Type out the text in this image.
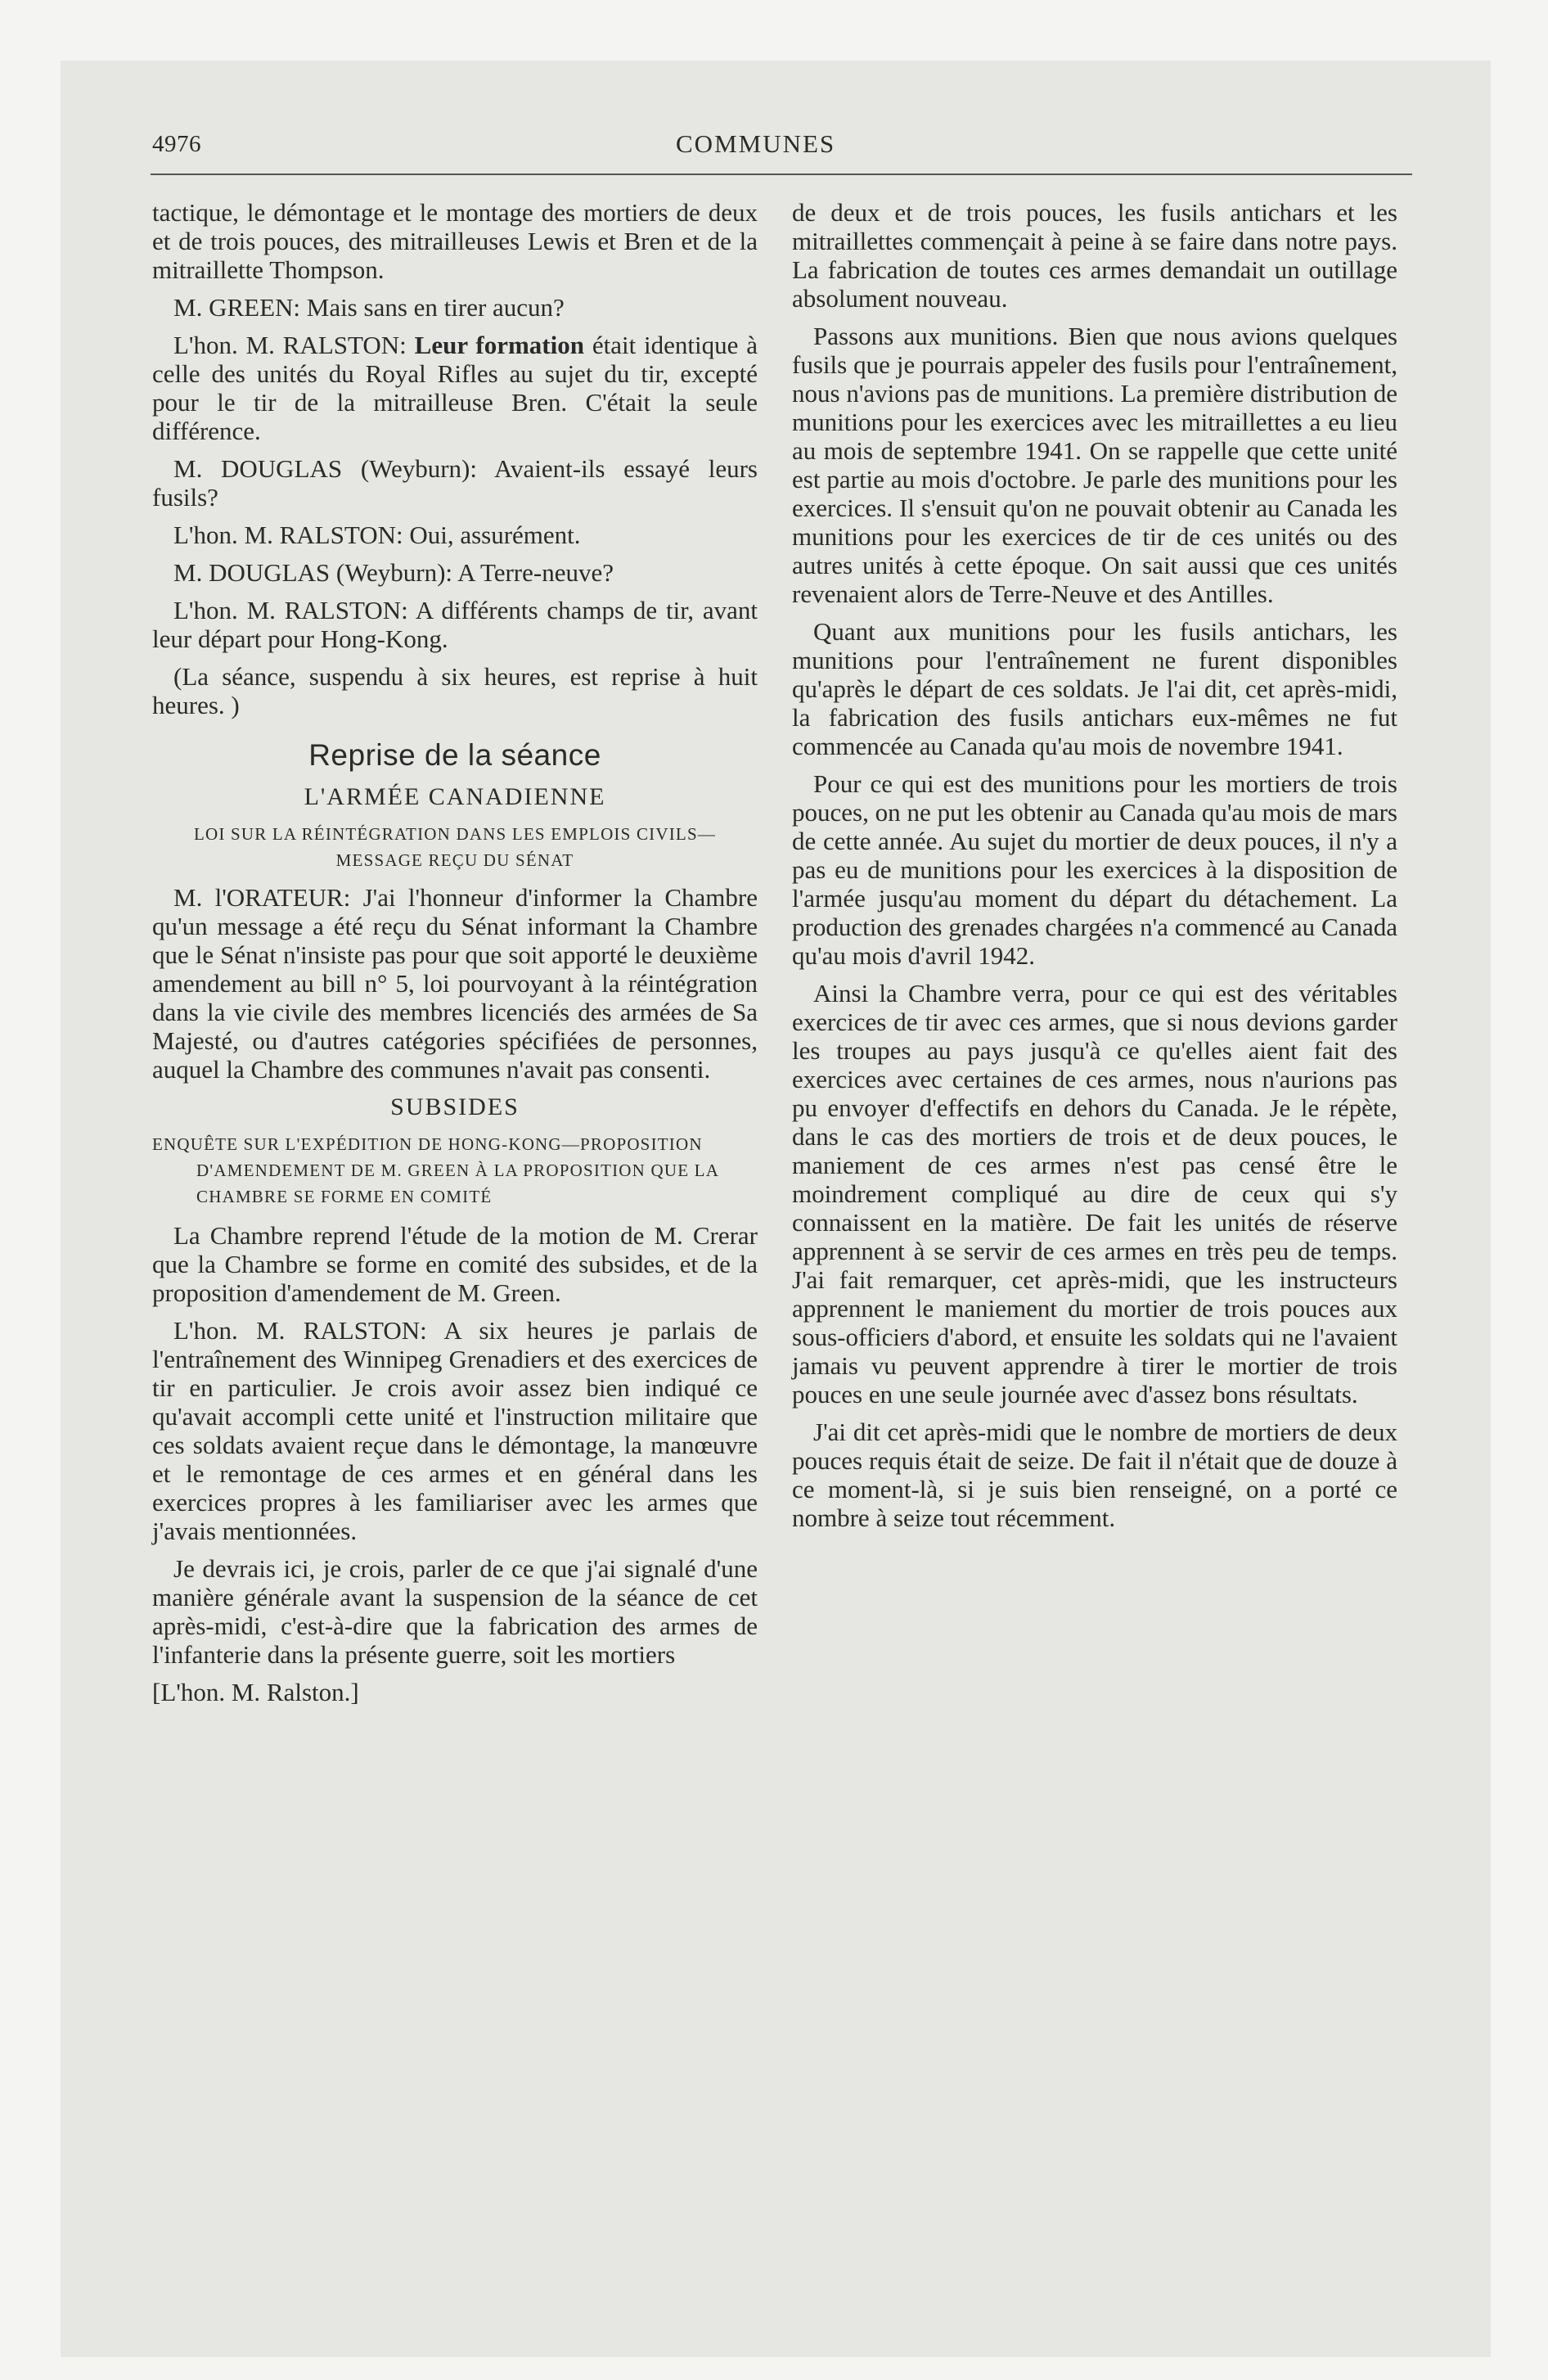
4976	COMMUNES

tactique, le démontage et le montage des mortiers de deux et de trois pouces, des mitrailleuses Lewis et Bren et de la mitraillette Thompson.

M. GREEN: Mais sans en tirer aucun?

L'hon. M. RALSTON: Leur formation était identique à celle des unités du Royal Rifles au sujet du tir, excepté pour le tir de la mitrailleuse Bren. C'était la seule différence.

M. DOUGLAS (Weyburn): Avaient-ils essayé leurs fusils?

L'hon. M. RALSTON: Oui, assurément.

M. DOUGLAS (Weyburn): A Terre-neuve?

L'hon. M. RALSTON: A différents champs de tir, avant leur départ pour Hong-Kong.

(La séance, suspendu à six heures, est reprise à huit heures. )

Reprise de la séance
L'ARMÉE CANADIENNE
LOI SUR LA RÉINTÉGRATION DANS LES EMPLOIS CIVILS—MESSAGE REÇU DU SÉNAT

M. l'ORATEUR: J'ai l'honneur d'informer la Chambre qu'un message a été reçu du Sénat informant la Chambre que le Sénat n'insiste pas pour que soit apporté le deuxième amendement au bill n° 5, loi pourvoyant à la réintégration dans la vie civile des membres licenciés des armées de Sa Majesté, ou d'autres catégories spécifiées de personnes, auquel la Chambre des communes n'avait pas consenti.

SUBSIDES
ENQUÊTE SUR L'EXPÉDITION DE HONG-KONG—PROPOSITION D'AMENDEMENT DE M. GREEN À LA PROPOSITION QUE LA CHAMBRE SE FORME EN COMITÉ

La Chambre reprend l'étude de la motion de M. Crerar que la Chambre se forme en comité des subsides, et de la proposition d'amendement de M. Green.

L'hon. M. RALSTON: A six heures je parlais de l'entraînement des Winnipeg Grenadiers et des exercices de tir en particulier. Je crois avoir assez bien indiqué ce qu'avait accompli cette unité et l'instruction militaire que ces soldats avaient reçue dans le démontage, la manœuvre et le remontage de ces armes et en général dans les exercices propres à les familiariser avec les armes que j'avais mentionnées.

Je devrais ici, je crois, parler de ce que j'ai signalé d'une manière générale avant la suspension de la séance de cet après-midi, c'est-à-dire que la fabrication des armes de l'infanterie dans la présente guerre, soit les mortiers

[L'hon. M. Ralston.]

de deux et de trois pouces, les fusils antichars et les mitraillettes commençait à peine à se faire dans notre pays. La fabrication de toutes ces armes demandait un outillage absolument nouveau.

Passons aux munitions. Bien que nous avions quelques fusils que je pourrais appeler des fusils pour l'entraînement, nous n'avions pas de munitions. La première distribution de munitions pour les exercices avec les mitraillettes a eu lieu au mois de septembre 1941. On se rappelle que cette unité est partie au mois d'octobre. Je parle des munitions pour les exercices. Il s'ensuit qu'on ne pouvait obtenir au Canada les munitions pour les exercices de tir de ces unités ou des autres unités à cette époque. On sait aussi que ces unités revenaient alors de Terre-Neuve et des Antilles.

Quant aux munitions pour les fusils antichars, les munitions pour l'entraînement ne furent disponibles qu'après le départ de ces soldats. Je l'ai dit, cet après-midi, la fabrication des fusils antichars eux-mêmes ne fut commencée au Canada qu'au mois de novembre 1941.

Pour ce qui est des munitions pour les mortiers de trois pouces, on ne put les obtenir au Canada qu'au mois de mars de cette année. Au sujet du mortier de deux pouces, il n'y a pas eu de munitions pour les exercices à la disposition de l'armée jusqu'au moment du départ du détachement. La production des grenades chargées n'a commencé au Canada qu'au mois d'avril 1942.

Ainsi la Chambre verra, pour ce qui est des véritables exercices de tir avec ces armes, que si nous devions garder les troupes au pays jusqu'à ce qu'elles aient fait des exercices avec certaines de ces armes, nous n'aurions pas pu envoyer d'effectifs en dehors du Canada. Je le répète, dans le cas des mortiers de trois et de deux pouces, le maniement de ces armes n'est pas censé être le moindrement compliqué au dire de ceux qui s'y connaissent en la matière. De fait les unités de réserve apprennent à se servir de ces armes en très peu de temps. J'ai fait remarquer, cet après-midi, que les instructeurs apprennent le maniement du mortier de trois pouces aux sous-officiers d'abord, et ensuite les soldats qui ne l'avaient jamais vu peuvent apprendre à tirer le mortier de trois pouces en une seule journée avec d'assez bons résultats.

J'ai dit cet après-midi que le nombre de mortiers de deux pouces requis était de seize. De fait il n'était que de douze à ce moment-là, si je suis bien renseigné, on a porté ce nombre à seize tout récemment.
